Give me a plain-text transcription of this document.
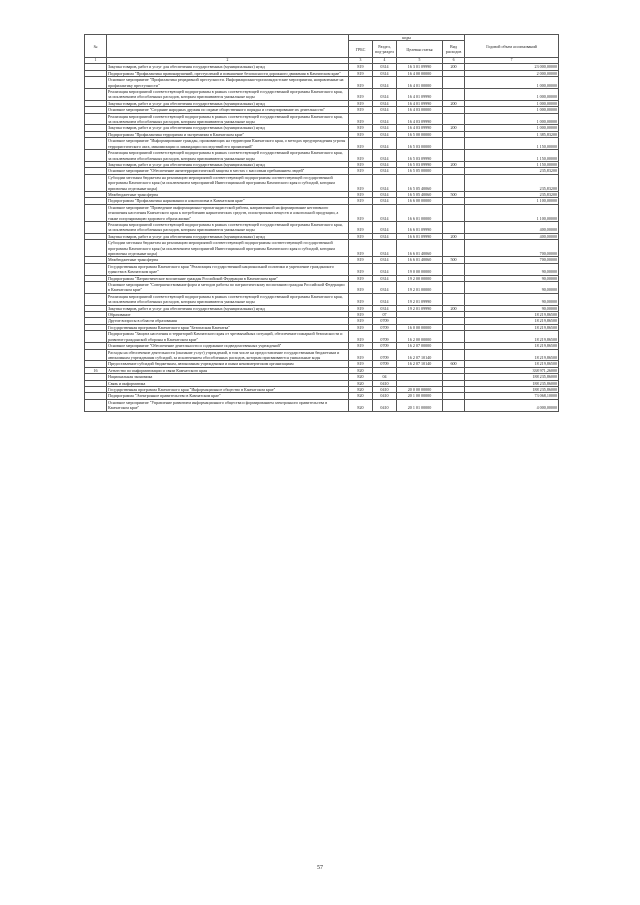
№		коды				Годовой объем ассигнований
		ГРБС	Раздел, под-раздел	Целевая статья	Вид расходов	
1	2	3	4	5	6	7
	Закупка товаров, работ и услуг для обеспечения государственных (муниципальных) нужд	819	0314	16 3 01 09990	200	23 000,00000
	Подпрограмма "Профилактика правонарушений, преступлений и повышение безопасности дорожного движения в Камчатском крае"	819	0314	16 4 00 00000		2 000,00000
	Основное мероприятие "Профилактика рецидивной преступности. Информационно-пропагандистские мероприятия, направленные на профилактику преступности"	819	0314	16 4 01 00000		1 000,00000
	Реализация мероприятий соответствующей подпрограммы в рамках соответствующей государственной программы Камчатского края, за исключением обособленных расходов, которым присваиваются уникальные коды	819	0314	16 4 01 09990		1 000,00000
	Закупка товаров, работ и услуг для обеспечения государственных (муниципальных) нужд	819	0314	16 4 01 09990	200	1 000,00000
	Основное мероприятие "Создание народных дружин по охране общественного порядка и стимулирование их деятельности"	819	0314	16 4 03 00000		1 000,00000
	Реализация мероприятий соответствующей подпрограммы в рамках соответствующей государственной программы Камчатского края, за исключением обособленных расходов, которым присваиваются уникальные коды	819	0314	16 4 03 09990		1 000,00000
	Закупка товаров, работ и услуг для обеспечения государственных (муниципальных) нужд	819	0314	16 4 03 09990	200	1 000,00000
	Подпрограмма "Профилактика терроризма и экстремизма в Камчатском крае"	819	0314	16 5 00 00000		1 385,83200
	Основное мероприятие "Информирование граждан, проживающих на территории Камчатского края, о методах предупреждения угрозы террористического акта, минимизации и ликвидации последствий его проявлений"	819	0314	16 5 03 00000		1 150,00000
	Реализация мероприятий соответствующей подпрограммы в рамках соответствующей государственной программы Камчатского края, за исключением обособленных расходов, которым присваиваются уникальные коды	819	0314	16 5 03 09990		1 150,00000
	Закупка товаров, работ и услуг для обеспечения государственных (муниципальных) нужд	819	0314	16 5 03 09990	200	1 150,00000
	Основное мероприятие "Обеспечение антитеррористической защиты в местах с массовым пребыванием людей"	819	0314	16 5 05 00000		235,83200
	Субсидии местным бюджетам на реализацию мероприятий соответствующей подпрограммы соответствующей государственной программы Камчатского края (за исключением мероприятий Инвестиционной программы Камчатского края и субсидий, которым присвоены отдельные коды)	819	0314	16 5 05 40060		235,83200
	Межбюджетные трансферты	819	0314	16 5 05 40060	500	235,83200
	Подпрограмма "Профилактика наркомании и алкоголизма в Камчатском крае"	819	0314	16 6 00 00000		1 100,00000
	Основное мероприятие "Проведение информационно-пропагандистской работы, направленной на формирование негативного отношения населения Камчатского края к потреблению наркотических средств, психотропных веществ и алкогольной продукции, а также популяризацию здорового образа жизни"	819	0314	16 6 01 00000		1 100,00000
	Реализация мероприятий соответствующей подпрограммы в рамках соответствующей государственной программы Камчатского края, за исключением обособленных расходов, которым присваиваются уникальные коды	819	0314	16 6 01 09990		400,00000
	Закупка товаров, работ и услуг для обеспечения государственных (муниципальных) нужд	819	0314	16 6 01 09990	200	400,00000
	Субсидии местным бюджетам на реализацию мероприятий соответствующей подпрограммы соответствующей государственной программы Камчатского края (за исключением мероприятий Инвестиционной программы Камчатского края и субсидий, которым присвоены отдельные коды)	819	0314	16 6 01 40060		700,00000
	Межбюджетные трансферты	819	0314	16 6 01 40060	500	700,00000
	Государственная программа Камчатского края "Реализация государственной национальной политики и укрепление гражданского единства в Камчатском крае"	819	0314	19 0 00 00000		90,00000
	Подпрограмма "Патриотическое воспитание граждан Российской Федерации в Камчатском крае"	819	0314	19 2 00 00000		90,00000
	Основное мероприятие "Совершенствование форм и методов работы по патриотическому воспитанию граждан Российской Федерации в Камчатском крае"	819	0314	19 2 01 00000		90,00000
	Реализация мероприятий соответствующей подпрограммы в рамках соответствующей государственной программы Камчатского края, за исключением обособленных расходов, которым присваиваются уникальные коды	819	0314	19 2 01 09990		90,00000
	Закупка товаров, работ и услуг для обеспечения государственных (муниципальных) нужд	819	0314	19 2 01 09990	200	90,00000
	Образование	819	07			18 219,86500
	Другие вопросы в области образования	819	0709			18 219,86500
	Государственная программа Камчатского края "Безопасная Камчатка"	819	0709	16 0 00 00000		18 219,86500
	Подпрограмма "Защита населения и территорий Камчатского края от чрезвычайных ситуаций, обеспечение пожарной безопасности и развитие гражданской обороны в Камчатском крае"	819	0709	16 2 00 00000		18 219,86500
	Основное мероприятие "Обеспечение деятельности и содержание подведомственных учреждений"	819	0709	16 2 07 00000		18 219,86500
	Расходы на обеспечение деятельности (оказание услуг) учреждений, в том числе на предоставление государственным бюджетным и автономным учреждениям субсидий, за исключением обособленных расходов, которым присваиваются уникальные коды	819	0709	16 2 07 10140		18 219,86500
	Предоставление субсидий бюджетным, автономным учреждениям и иным некоммерческим организациям	819	0709	16 2 07 10140	600	18 219,86500
16	Агентство по информатизации и связи Камчатского края	820				338 971,26000
	Национальная экономика	820	04			188 235,86000
	Связь и информатика	820	0410			188 235,86000
	Государственная программа Камчатского края "Информационное общество в Камчатском крае"	820	0410	20 0 00 00000		188 235,86000
	Подпрограмма "Электронное правительство в Камчатском крае"	820	0410	20 1 00 00000		73 068,10000
	Основное мероприятие "Управление развитием информационного общества и формированием электронного правительства в Камчатском крае"	820	0410	20 1 01 00000		4 000,00000
57
